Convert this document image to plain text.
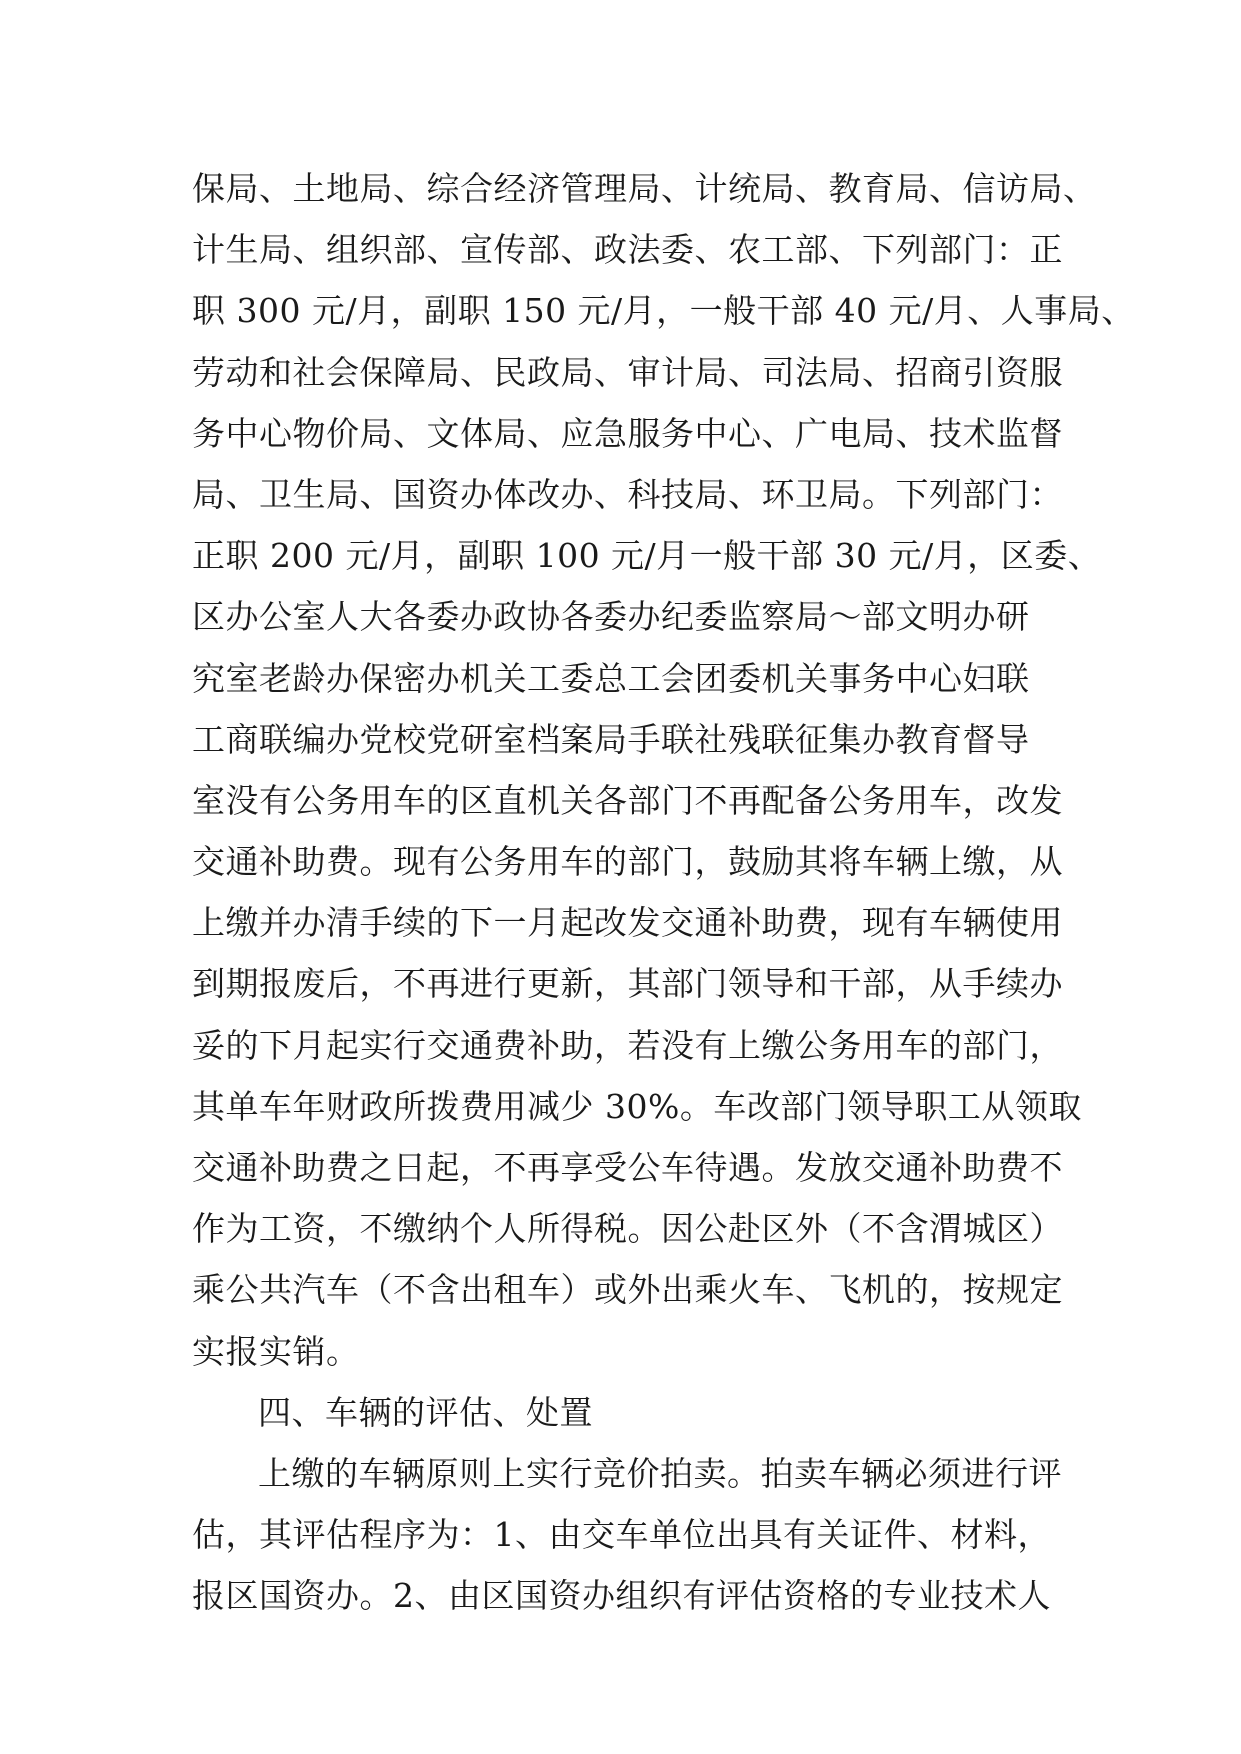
保局、土地局、综合经济管理局、计统局、教育局、信访局、
计生局、组织部、宣传部、政法委、农工部、下列部门：正
职 300 元/月，副职 150 元/月，一般干部 40 元/月、人事局、
劳动和社会保障局、民政局、审计局、司法局、招商引资服
务中心物价局、文体局、应急服务中心、广电局、技术监督
局、卫生局、国资办体改办、科技局、环卫局。下列部门：
正职 200 元/月，副职 100 元/月一般干部 30 元/月，区委、
区办公室人大各委办政协各委办纪委监察局～部文明办研
究室老龄办保密办机关工委总工会团委机关事务中心妇联
工商联编办党校党研室档案局手联社残联征集办教育督导
室没有公务用车的区直机关各部门不再配备公务用车，改发
交通补助费。现有公务用车的部门，鼓励其将车辆上缴，从
上缴并办清手续的下一月起改发交通补助费，现有车辆使用
到期报废后，不再进行更新，其部门领导和干部，从手续办
妥的下月起实行交通费补助，若没有上缴公务用车的部门，
其单车年财政所拨费用减少 30%。车改部门领导职工从领取
交通补助费之日起，不再享受公车待遇。发放交通补助费不
作为工资，不缴纳个人所得税。因公赴区外（不含渭城区）
乘公共汽车（不含出租车）或外出乘火车、飞机的，按规定
实报实销。
四、车辆的评估、处置
上缴的车辆原则上实行竞价拍卖。拍卖车辆必须进行评
估，其评估程序为：1、由交车单位出具有关证件、材料，
报区国资办。2、由区国资办组织有评估资格的专业技术人
